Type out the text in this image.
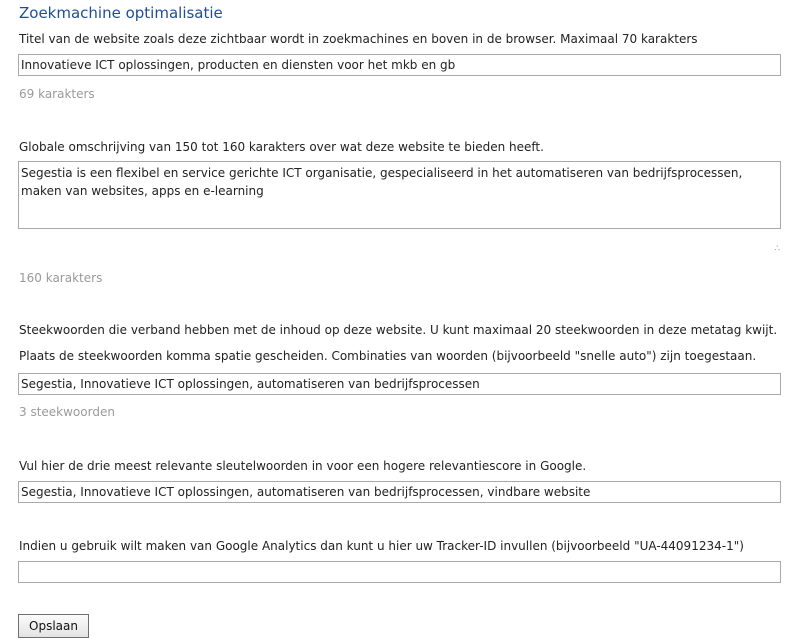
Zoekmachine optimalisatie
Titel van de website zoals deze zichtbaar wordt in zoekmachines en boven in de browser. Maximaal 70 karakters
Innovatieve ICT oplossingen, producten en diensten voor het mkb en gb
69 karakters
Globale omschrijving van 150 tot 160 karakters over wat deze website te bieden heeft.
Segestia is een flexibel en service gerichte ICT organisatie, gespecialiseerd in het automatiseren van bedrijfsprocessen, maken van websites, apps en e-learning
∴
160 karakters
Steekwoorden die verband hebben met de inhoud op deze website. U kunt maximaal 20 steekwoorden in deze metatag kwijt. Plaats de steekwoorden komma spatie gescheiden. Combinaties van woorden (bijvoorbeeld "snelle auto") zijn toegestaan.
Segestia, Innovatieve ICT oplossingen, automatiseren van bedrijfsprocessen
3 steekwoorden
Vul hier de drie meest relevante sleutelwoorden in voor een hogere relevantiescore in Google.
Segestia, Innovatieve ICT oplossingen, automatiseren van bedrijfsprocessen, vindbare website
Indien u gebruik wilt maken van Google Analytics dan kunt u hier uw Tracker-ID invullen (bijvoorbeeld "UA-44091234-1")
Opslaan
